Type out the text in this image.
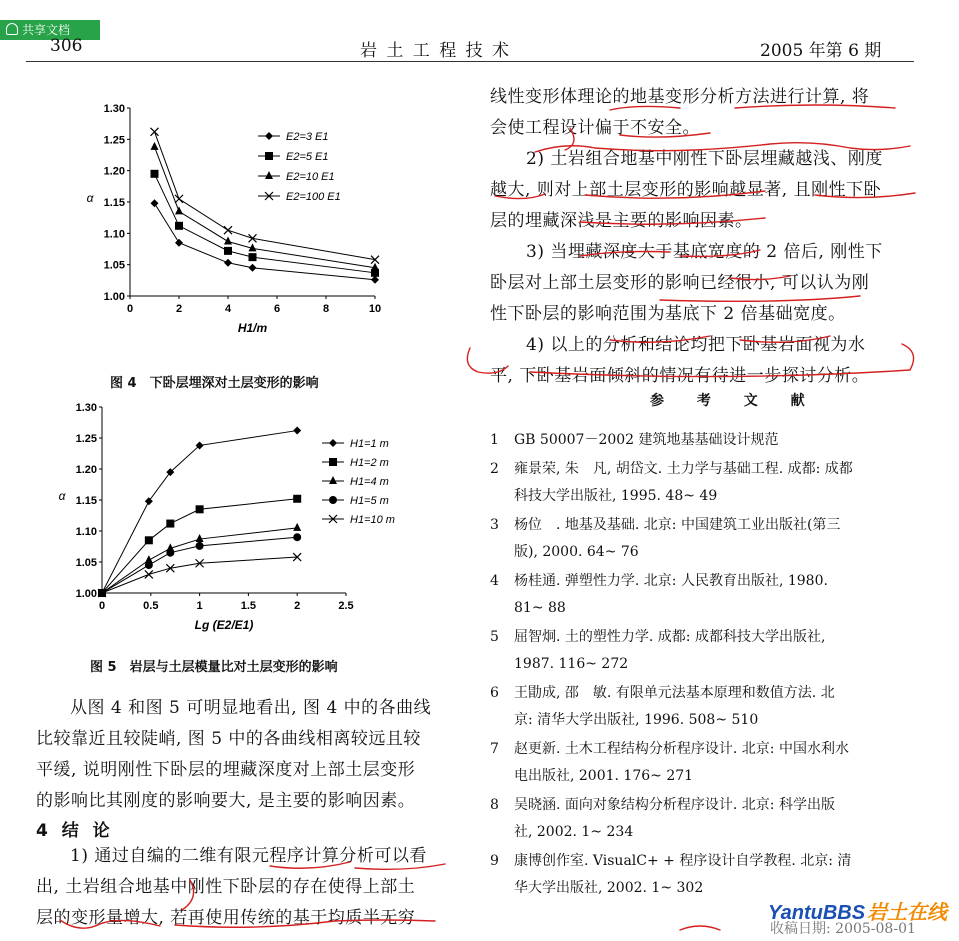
共享文档
306	岩 土 工 程 技 术	2005 年第 6 期
0	2	4	6	8	10
1.00
1.05
1.10
1.15
1.20
1.25
1.30
H1/m
α
E2=3 E1
E2=5 E1
E2=10 E1
E2=100 E1
图 4　下卧层埋深对土层变形的影响
0	0.5	1	1.5	2	2.5
1.00
1.05
1.10
1.15
1.20
1.25
1.30
Lg (E2/E1)
α
H1=1 m
H1=2 m
H1=4 m
H1=5 m
H1=10 m
图 5　岩层与土层模量比对土层变形的影响
从图 4 和图 5 可明显地看出, 图 4 中的各曲线
比较靠近且较陡峭, 图 5 中的各曲线相离较远且较
平缓, 说明刚性下卧层的埋藏深度对上部土层变形
的影响比其刚度的影响要大, 是主要的影响因素。
4 结 论
1) 通过自编的二维有限元程序计算分析可以看
出, 土岩组合地基中刚性下卧层的存在使得上部土
层的变形量增大, 若再使用传统的基于均质半无穷
线性变形体理论的地基变形分析方法进行计算, 将
会使工程设计偏于不安全。
2) 土岩组合地基中刚性下卧层埋藏越浅、刚度
越大, 则对上部土层变形的影响越显著, 且刚性下卧
层的埋藏深浅是主要的影响因素。
3) 当埋藏深度大于基底宽度的 2 倍后, 刚性下
卧层对上部土层变形的影响已经很小, 可以认为刚
性下卧层的影响范围为基底下 2 倍基础宽度。
4) 以上的分析和结论均把下卧基岩面视为水
平, 下卧基岩面倾斜的情况有待进一步探讨分析。
参 考 文 献
1 GB 50007－2002 建筑地基基础设计规范
2 雍景荣, 朱　凡, 胡岱文. 土力学与基础工程. 成都: 成都
科技大学出版社, 1995. 48~ 49
3 杨位　. 地基及基础. 北京: 中国建筑工业出版社(第三
版), 2000. 64~ 76
4 杨桂通. 弹塑性力学. 北京: 人民教育出版社, 1980.
81~ 88
5 屈智炯. 土的塑性力学. 成都: 成都科技大学出版社,
1987. 116~ 272
6 王勖成, 邵　敏. 有限单元法基本原理和数值方法. 北
京: 清华大学出版社, 1996. 508~ 510
7 赵更新. 土木工程结构分析程序设计. 北京: 中国水利水
电出版社, 2001. 176~ 271
8 吴晓涵. 面向对象结构分析程序设计. 北京: 科学出版
社, 2002. 1~ 234
9 康博创作室. VisualC+ + 程序设计自学教程. 北京: 清
华大学出版社, 2002. 1~ 302
收稿日期: 2005-08-01
YantuBBS 岩土在线
